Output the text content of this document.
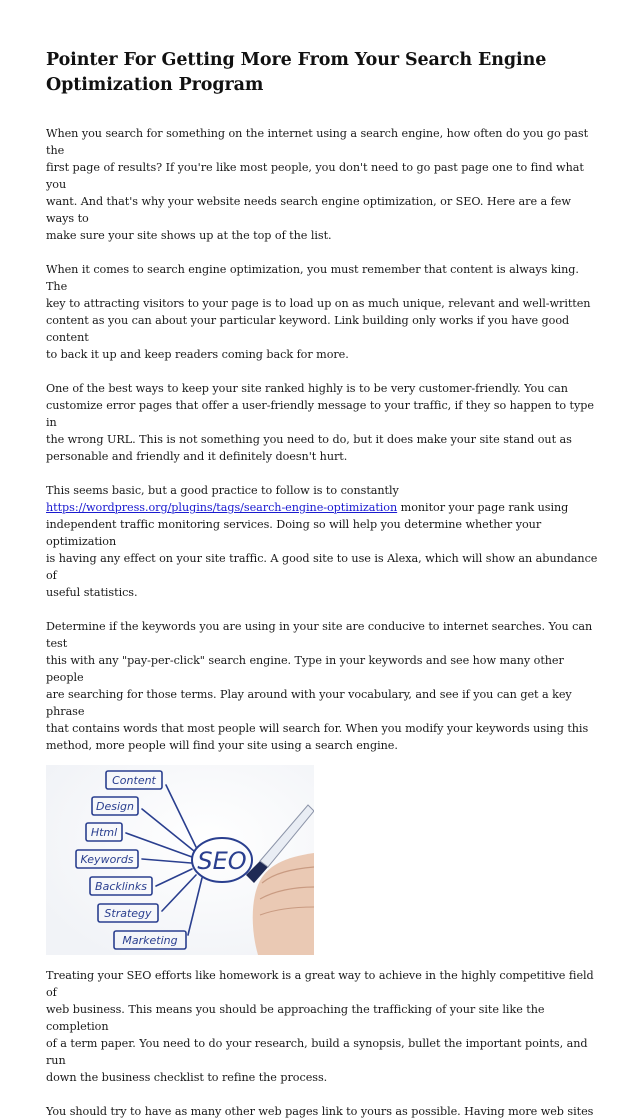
Pointer For Getting More From Your Search Engine
Optimization Program

When you search for something on the internet using a search engine, how often do you go past the
first page of results? If you're like most people, you don't need to go past page one to find what you
want. And that's why your website needs search engine optimization, or SEO. Here are a few ways to
make sure your site shows up at the top of the list.

When it comes to search engine optimization, you must remember that content is always king. The
key to attracting visitors to your page is to load up on as much unique, relevant and well-written
content as you can about your particular keyword. Link building only works if you have good content
to back it up and keep readers coming back for more.

One of the best ways to keep your site ranked highly is to be very customer-friendly. You can
customize error pages that offer a user-friendly message to your traffic, if they so happen to type in
the wrong URL. This is not something you need to do, but it does make your site stand out as
personable and friendly and it definitely doesn't hurt.

This seems basic, but a good practice to follow is to constantly
https://wordpress.org/plugins/tags/search-engine-optimization monitor your page rank using
independent traffic monitoring services. Doing so will help you determine whether your optimization
is having any effect on your site traffic. A good site to use is Alexa, which will show an abundance of
useful statistics.

Determine if the keywords you are using in your site are conducive to internet searches. You can test
this with any "pay-per-click" search engine. Type in your keywords and see how many other people
are searching for those terms. Play around with your vocabulary, and see if you can get a key phrase
that contains words that most people will search for. When you modify your keywords using this
method, more people will find your site using a search engine.

Content
Design
Html
Keywords
Backlinks
Strategy
Marketing
SEO

Treating your SEO efforts like homework is a great way to achieve in the highly competitive field of
web business. This means you should be approaching the trafficking of your site like the completion
of a term paper. You need to do your research, build a synopsis, bullet the important points, and run
down the business checklist to refine the process.

You should try to have as many other web pages link to yours as possible. Having more web sites
